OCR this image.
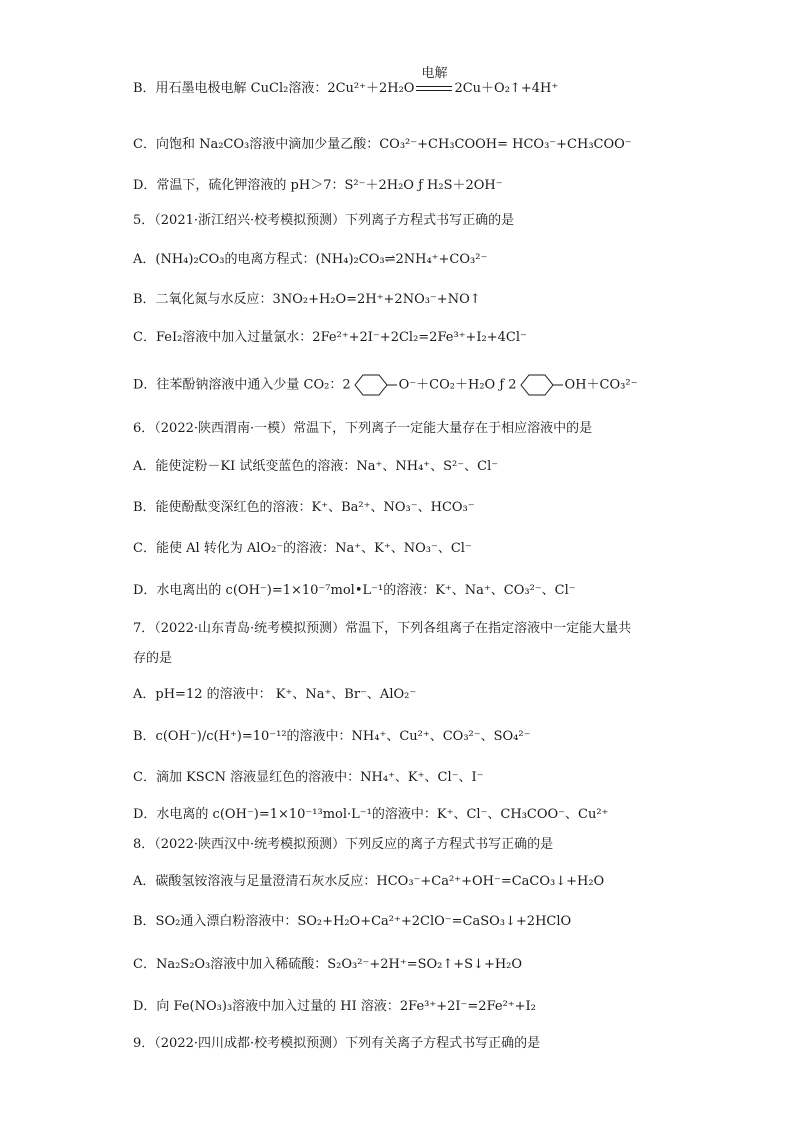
B．用石墨电极电解 CuCl₂溶液：2Cu²⁺＋2H₂O
电解
2Cu＋O₂↑+4H⁺
C．向饱和 Na₂CO₃溶液中滴加少量乙酸：CO₃²⁻+CH₃COOH= HCO₃⁻+CH₃COO⁻
D．常温下，硫化钾溶液的 pH＞7：S²⁻＋2H₂O ƒ H₂S＋2OH⁻
5．（2021·浙江绍兴·校考模拟预测）下列离子方程式书写正确的是
A．(NH₄)₂CO₃的电离方程式：(NH₄)₂CO₃⇌2NH₄⁺+CO₃²⁻
B．二氧化氮与水反应：3NO₂+H₂O=2H⁺+2NO₃⁻+NO↑
C．FeI₂溶液中加入过量氯水：2Fe²⁺+2I⁻+2Cl₂=2Fe³⁺+I₂+4Cl⁻
D．往苯酚钠溶液中通入少量 CO₂：2	O⁻＋CO₂＋H₂O ƒ 2	OH＋CO₃²⁻
6．（2022·陕西渭南·一模）常温下，下列离子一定能大量存在于相应溶液中的是
A．能使淀粉－KI 试纸变蓝色的溶液：Na⁺、NH₄⁺、S²⁻、Cl⁻
B．能使酚酞变深红色的溶液：K⁺、Ba²⁺、NO₃⁻、HCO₃⁻
C．能使 Al 转化为 AlO₂⁻的溶液：Na⁺、K⁺、NO₃⁻、Cl⁻
D．水电离出的 c(OH⁻)=1×10⁻⁷mol•L⁻¹的溶液：K⁺、Na⁺、CO₃²⁻、Cl⁻
7．（2022·山东青岛·统考模拟预测）常温下，下列各组离子在指定溶液中一定能大量共
存的是
A．pH=12 的溶液中： K⁺、Na⁺、Br⁻、AlO₂⁻
B．c(OH⁻)/c(H⁺)=10⁻¹²的溶液中：NH₄⁺、Cu²⁺、CO₃²⁻、SO₄²⁻
C．滴加 KSCN 溶液显红色的溶液中：NH₄⁺、K⁺、Cl⁻、I⁻
D．水电离的 c(OH⁻)=1×10⁻¹³mol·L⁻¹的溶液中：K⁺、Cl⁻、CH₃COO⁻、Cu²⁺
8．（2022·陕西汉中·统考模拟预测）下列反应的离子方程式书写正确的是
A．碳酸氢铵溶液与足量澄清石灰水反应：HCO₃⁻+Ca²⁺+OH⁻=CaCO₃↓+H₂O
B．SO₂通入漂白粉溶液中：SO₂+H₂O+Ca²⁺+2ClO⁻=CaSO₃↓+2HClO
C．Na₂S₂O₃溶液中加入稀硫酸：S₂O₃²⁻+2H⁺=SO₂↑+S↓+H₂O
D．向 Fe(NO₃)₃溶液中加入过量的 HI 溶液：2Fe³⁺+2I⁻=2Fe²⁺+I₂
9．（2022·四川成都·校考模拟预测）下列有关离子方程式书写正确的是
